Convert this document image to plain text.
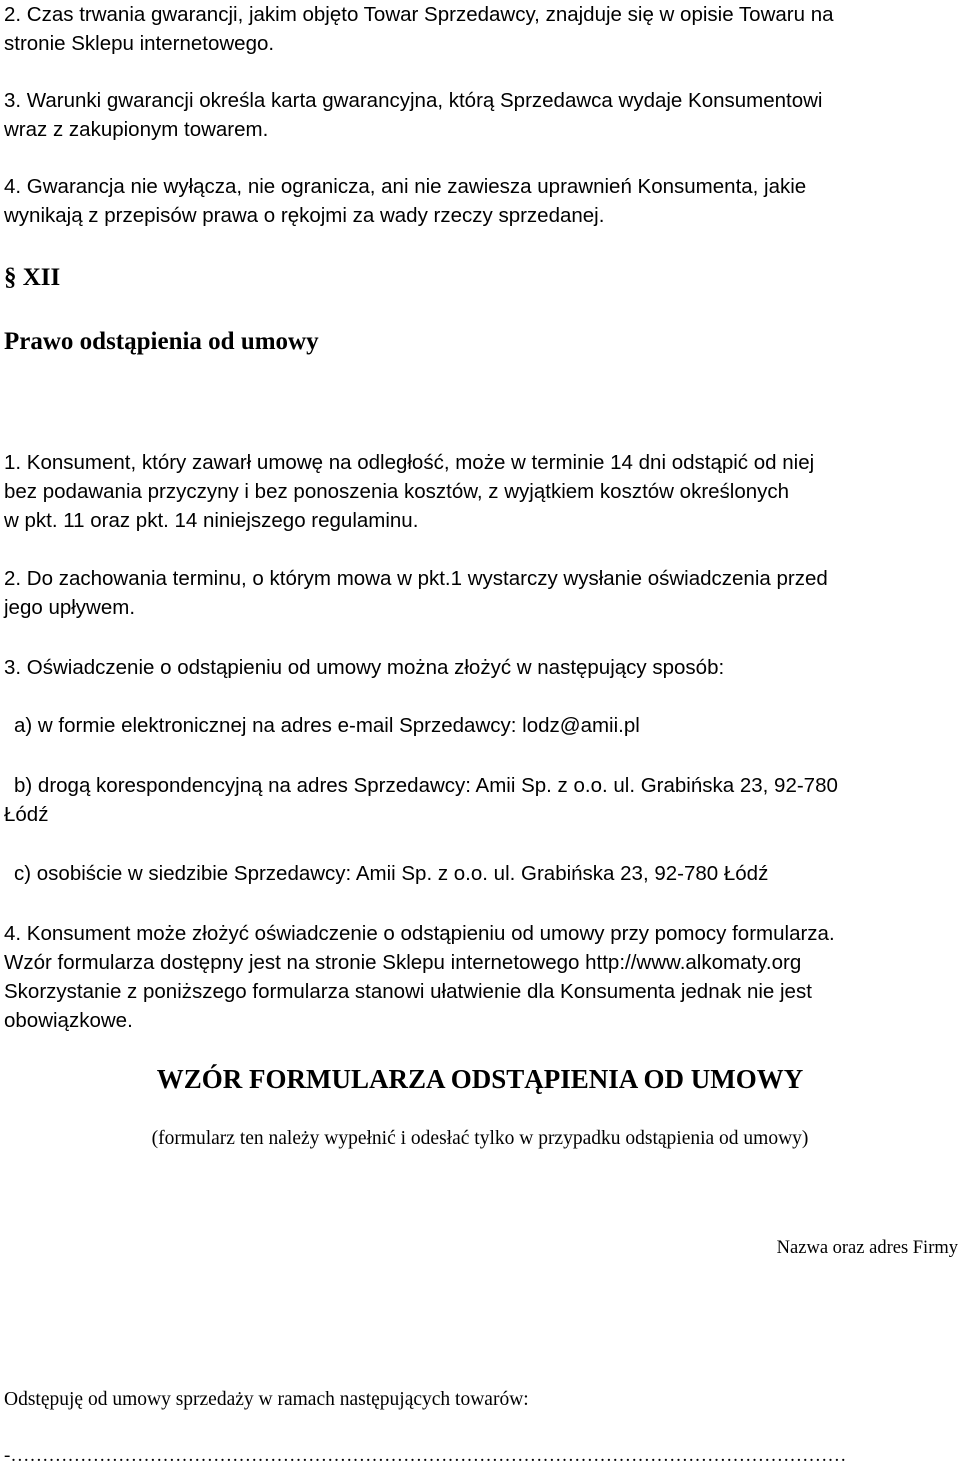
2. Czas trwania gwarancji, jakim objęto Towar Sprzedawcy, znajduje się w opisie Towaru na

stronie Sklepu internetowego.

3. Warunki gwarancji określa karta gwarancyjna, którą Sprzedawca wydaje Konsumentowi

wraz z zakupionym towarem.

4. Gwarancja nie wyłącza, nie ogranicza, ani nie zawiesza uprawnień Konsumenta, jakie

wynikają z przepisów prawa o rękojmi za wady rzeczy sprzedanej.

§ XII

Prawo odstąpienia od umowy

1. Konsument, który zawarł umowę na odległość, może w terminie 14 dni odstąpić od niej

bez podawania przyczyny i bez ponoszenia kosztów, z wyjątkiem kosztów określonych

w pkt. 11 oraz pkt. 14 niniejszego regulaminu.

2. Do zachowania terminu, o którym mowa w pkt.1 wystarczy wysłanie oświadczenia przed

jego upływem.

3. Oświadczenie o odstąpieniu od umowy można złożyć w następujący sposób:

a) w formie elektronicznej na adres e-mail Sprzedawcy: lodz@amii.pl

b) drogą korespondencyjną na adres Sprzedawcy: Amii Sp. z o.o. ul. Grabińska 23, 92-780

Łódź

c) osobiście w siedzibie Sprzedawcy: Amii Sp. z o.o. ul. Grabińska 23, 92-780 Łódź

4. Konsument może złożyć oświadczenie o odstąpieniu od umowy przy pomocy formularza.

Wzór formularza dostępny jest na stronie Sklepu internetowego http://www.alkomaty.org

Skorzystanie z poniższego formularza stanowi ułatwienie dla Konsumenta jednak nie jest

obowiązkowe.

WZÓR FORMULARZA ODSTĄPIENIA OD UMOWY

(formularz ten należy wypełnić i odesłać tylko w przypadku odstąpienia od umowy)

Nazwa oraz adres Firmy

Odstępuję od umowy sprzedaży w ramach następujących towarów:

-……………………………………………………………………………………………………………………
